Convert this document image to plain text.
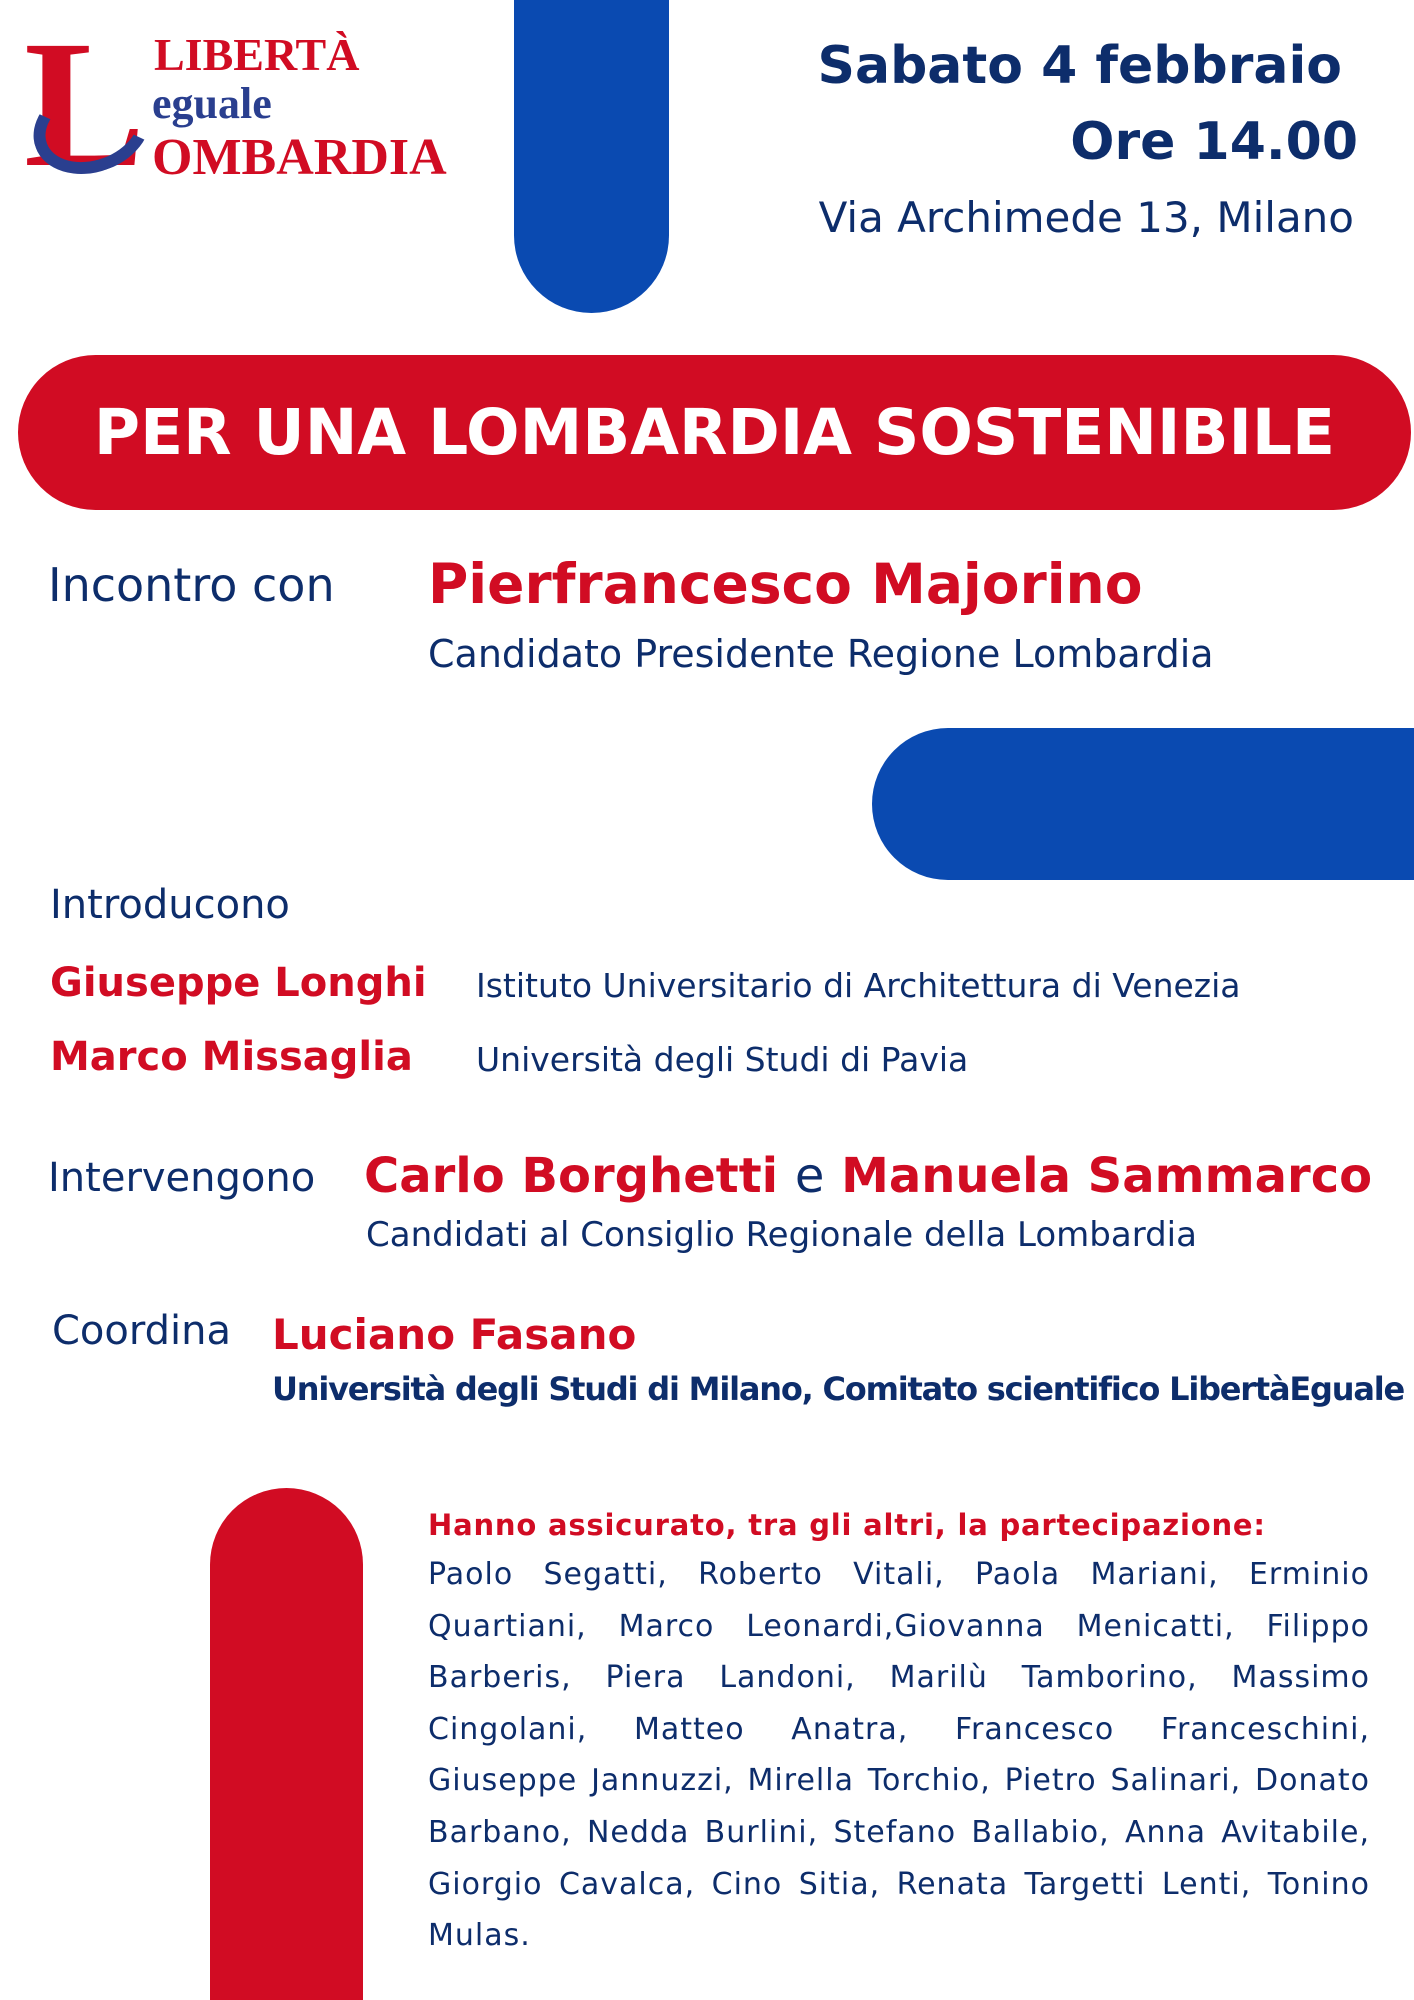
L LIBERTÀ
eguale
OMBARDIA
Sabato 4 febbraio
Ore 14.00
Via Archimede 13, Milano
PER UNA LOMBARDIA SOSTENIBILE
Incontro con Pierfrancesco Majorino
Candidato Presidente Regione Lombardia
Introducono
Giuseppe Longhi Istituto Universitario di Architettura di Venezia
Marco Missaglia Università degli Studi di Pavia
Intervengono Carlo Borghetti e Manuela Sammarco
Candidati al Consiglio Regionale della Lombardia
Coordina Luciano Fasano
Università degli Studi di Milano, Comitato scientifico LibertàEguale
Hanno assicurato, tra gli altri, la partecipazione:
Paolo Segatti, Roberto Vitali, Paola Mariani, Erminio Quartiani, Marco Leonardi,Giovanna Menicatti, Filippo Barberis, Piera Landoni, Marilù Tamborino, Massimo Cingolani, Matteo Anatra, Francesco Franceschini, Giuseppe Jannuzzi, Mirella Torchio, Pietro Salinari, Donato Barbano, Nedda Burlini, Stefano Ballabio, Anna Avitabile, Giorgio Cavalca, Cino Sitia, Renata Targetti Lenti, Tonino Mulas.
